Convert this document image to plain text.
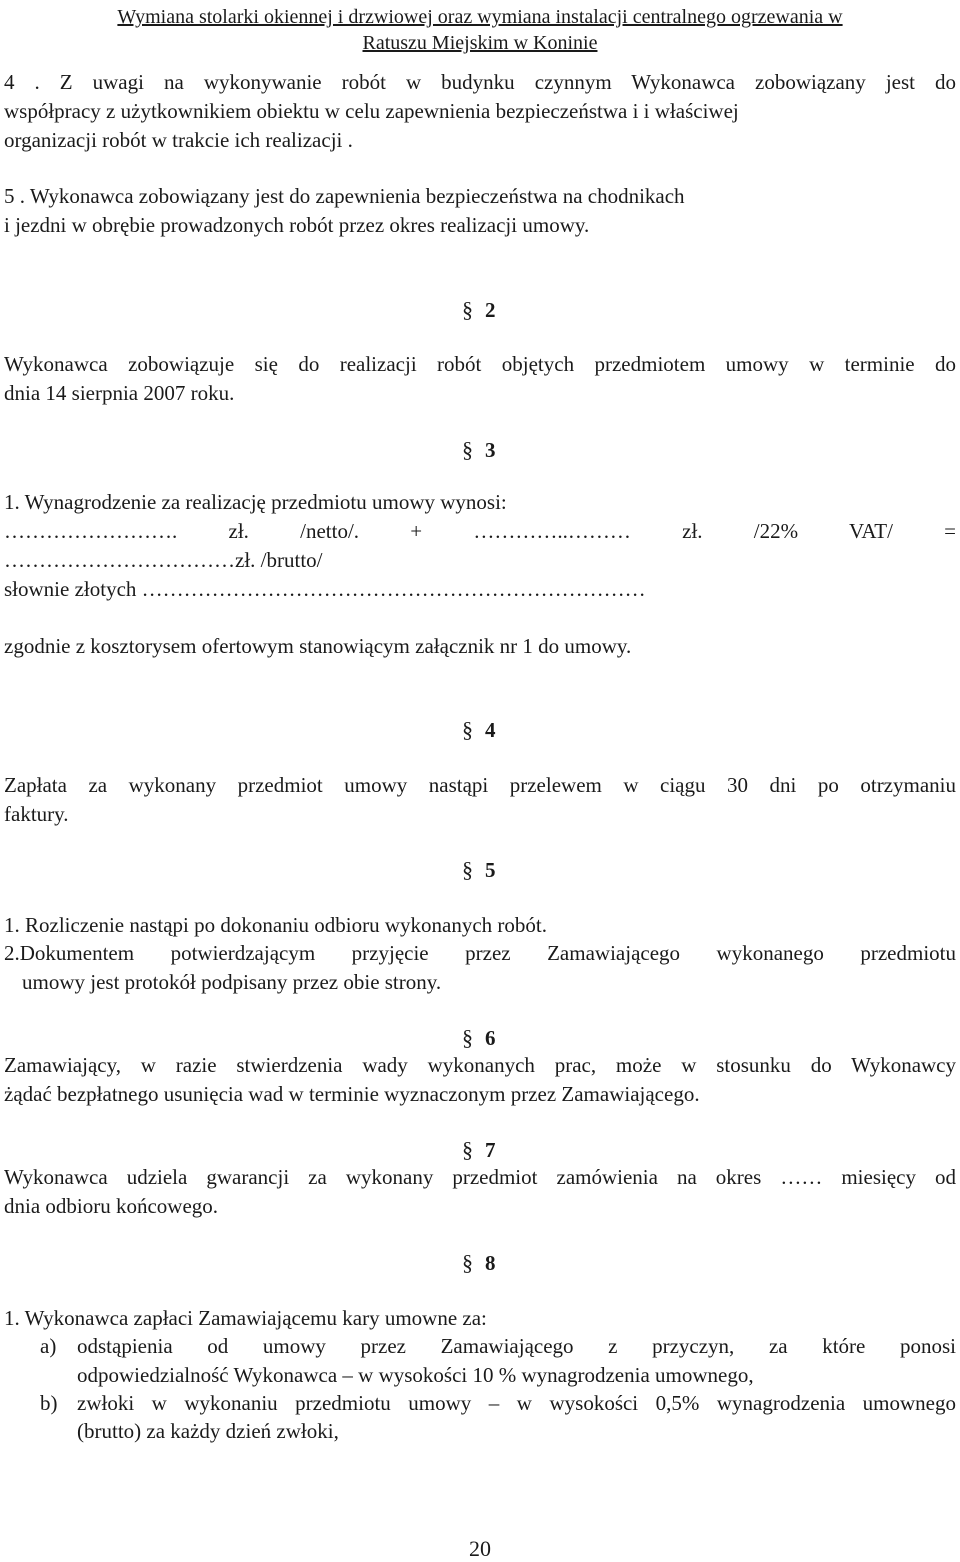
Wymiana stolarki okiennej i drzwiowej oraz wymiana instalacji centralnego ogrzewania w
Ratuszu Miejskim w Koninie
4 . Z uwagi na wykonywanie robót w budynku czynnym Wykonawca zobowiązany jest do
współpracy z użytkownikiem obiektu w celu zapewnienia bezpieczeństwa i i właściwej
organizacji robót w trakcie ich realizacji .
5 . Wykonawca zobowiązany jest do zapewnienia bezpieczeństwa na chodnikach
i jezdni w obrębie prowadzonych robót przez okres realizacji umowy.
§ 2
Wykonawca zobowiązuje się do realizacji robót objętych przedmiotem umowy w terminie do
dnia 14 sierpnia 2007 roku.
§ 3
1. Wynagrodzenie za realizację przedmiotu umowy wynosi:
……………………. zł. /netto/. + …………..……… zł. /22% VAT/ =
……………………………zł. /brutto/
słownie złotych ………………………………………………………………
zgodnie z kosztorysem ofertowym stanowiącym załącznik nr 1 do umowy.
§ 4
Zapłata za wykonany przedmiot umowy nastąpi przelewem w ciągu 30 dni po otrzymaniu
faktury.
§ 5
1. Rozliczenie nastąpi po dokonaniu odbioru wykonanych robót.
2.Dokumentem potwierdzającym przyjęcie przez Zamawiającego wykonanego przedmiotu
umowy jest protokół podpisany przez obie strony.
§ 6
Zamawiający, w razie stwierdzenia wady wykonanych prac, może w stosunku do Wykonawcy
żądać bezpłatnego usunięcia wad w terminie wyznaczonym przez Zamawiającego.
§ 7
Wykonawca udziela gwarancji za wykonany przedmiot zamówienia na okres …… miesięcy od
dnia odbioru końcowego.
§ 8
1. Wykonawca zapłaci Zamawiającemu kary umowne za:
a) odstąpienia od umowy przez Zamawiającego z przyczyn, za które ponosi
odpowiedzialność Wykonawca – w wysokości 10 % wynagrodzenia umownego,
b) zwłoki w wykonaniu przedmiotu umowy – w wysokości 0,5% wynagrodzenia umownego
(brutto) za każdy dzień zwłoki,
20
